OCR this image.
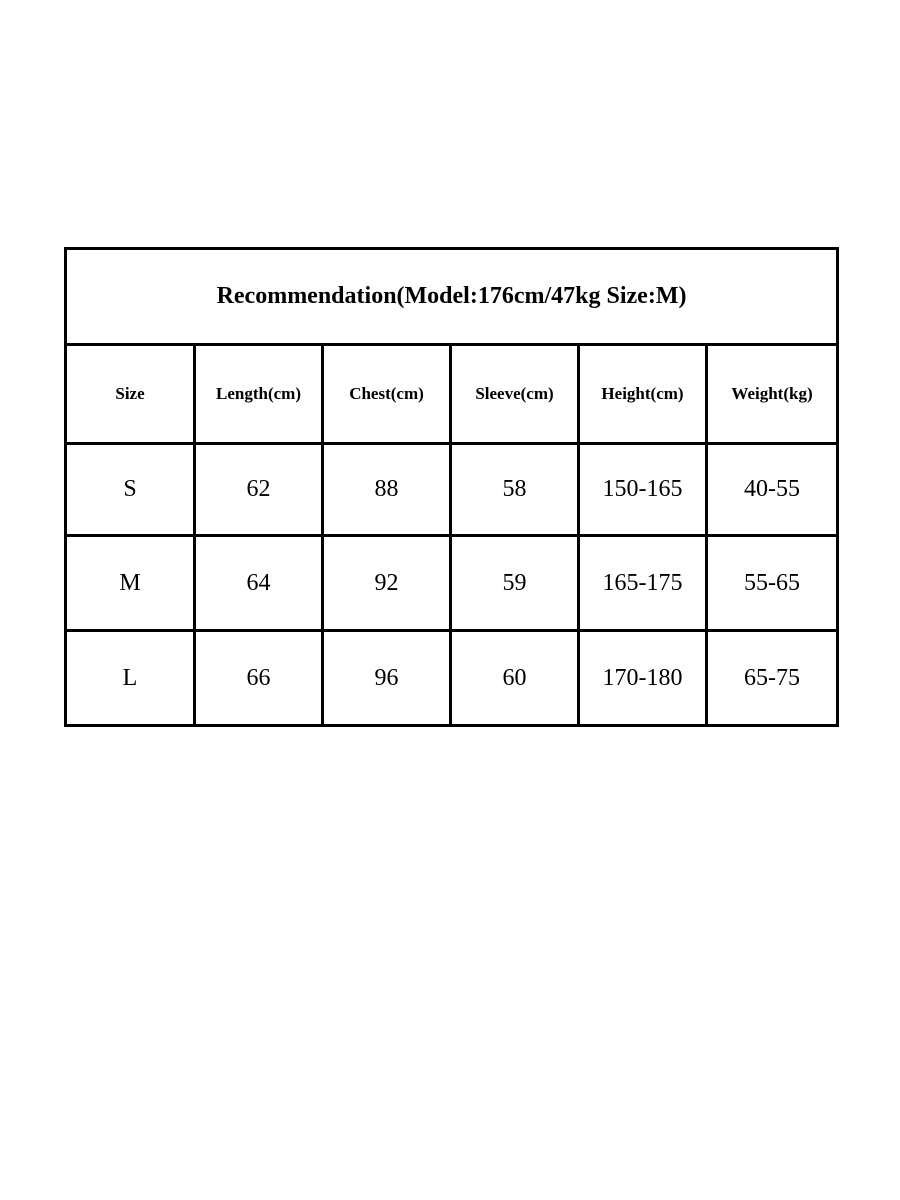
Recommendation(Model:176cm/47kg Size:M)					
Size	Length(cm)	Chest(cm)	Sleeve(cm)	Height(cm)	Weight(kg)
S	62	88	58	150-165	40-55
M	64	92	59	165-175	55-65
L	66	96	60	170-180	65-75
